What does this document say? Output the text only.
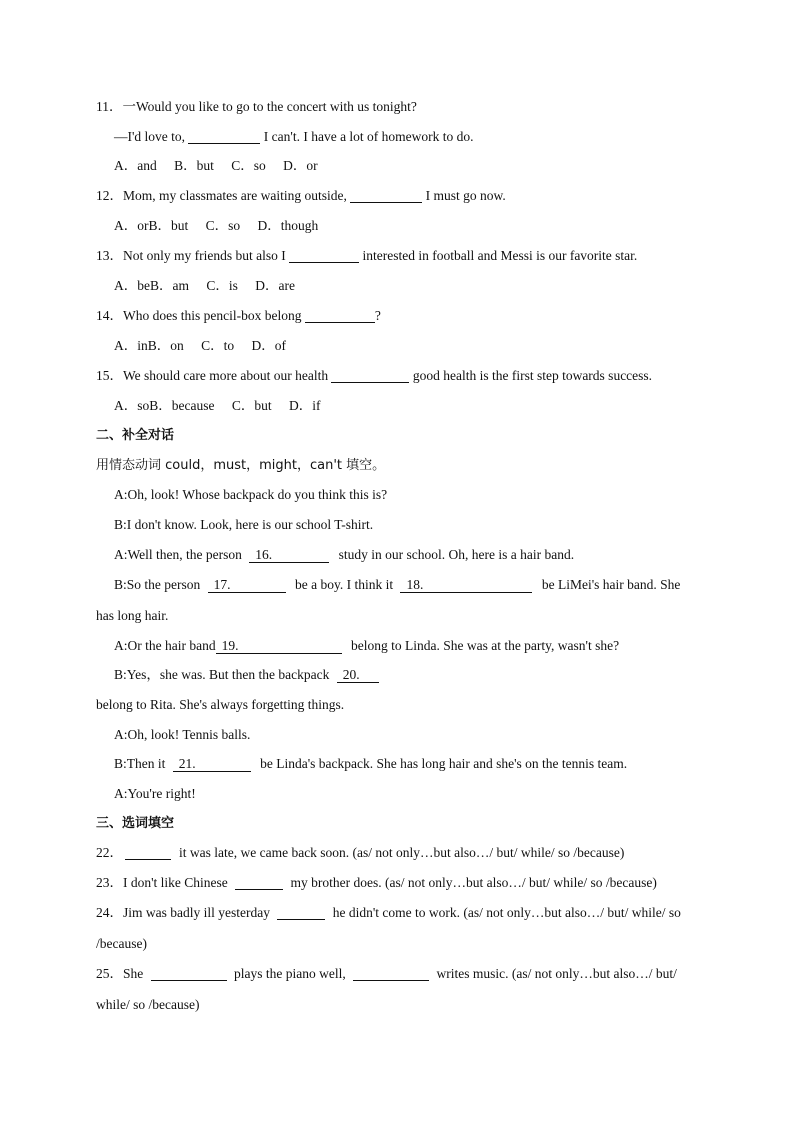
11．一Would you like to go to the concert with us tonight?
—I'd love to,	I can't. I have a lot of homework to do.
A．and B．but C．so D．or
12．Mom, my classmates are waiting outside,	I must go now.
A．orB．but C．so D．though
13．Not only my friends but also I	interested in football and Messi is our favorite star.
A．beB．am C．is D．are
14．Who does this pencil-box belong	?
A．inB．on C．to D．of
15．We should care more about our health	good health is the first step towards success.
A．soB．because C．but D．if
二、补全对话
用情态动词 could，must，might，can't 填空。
A:Oh, look! Whose backpack do you think this is?
B:I don't know. Look, here is our school T-shirt.
A:Well then, the person 16.	study in our school. Oh, here is a hair band.
B:So the person 17.	be a boy. I think it 18.	be LiMei's hair band. She
has long hair.
A:Or the hair band 19.	belong to Linda. She was at the party, wasn't she?
B:Yes，she was. But then the backpack 20.
belong to Rita. She's always forgetting things.
A:Oh, look! Tennis balls.
B:Then it 21.	be Linda's backpack. She has long hair and she's on the tennis team.
A:You're right!
三、选词填空
22．	it was late, we came back soon. (as/ not only…but also…/ but/ while/ so /because)
23．I don't like Chinese	my brother does. (as/ not only…but also…/ but/ while/ so /because)
24．Jim was badly ill yesterday	he didn't come to work. (as/ not only…but also…/ but/ while/ so
/because)
25．She	plays the piano well,	writes music. (as/ not only…but also…/ but/
while/ so /because)
